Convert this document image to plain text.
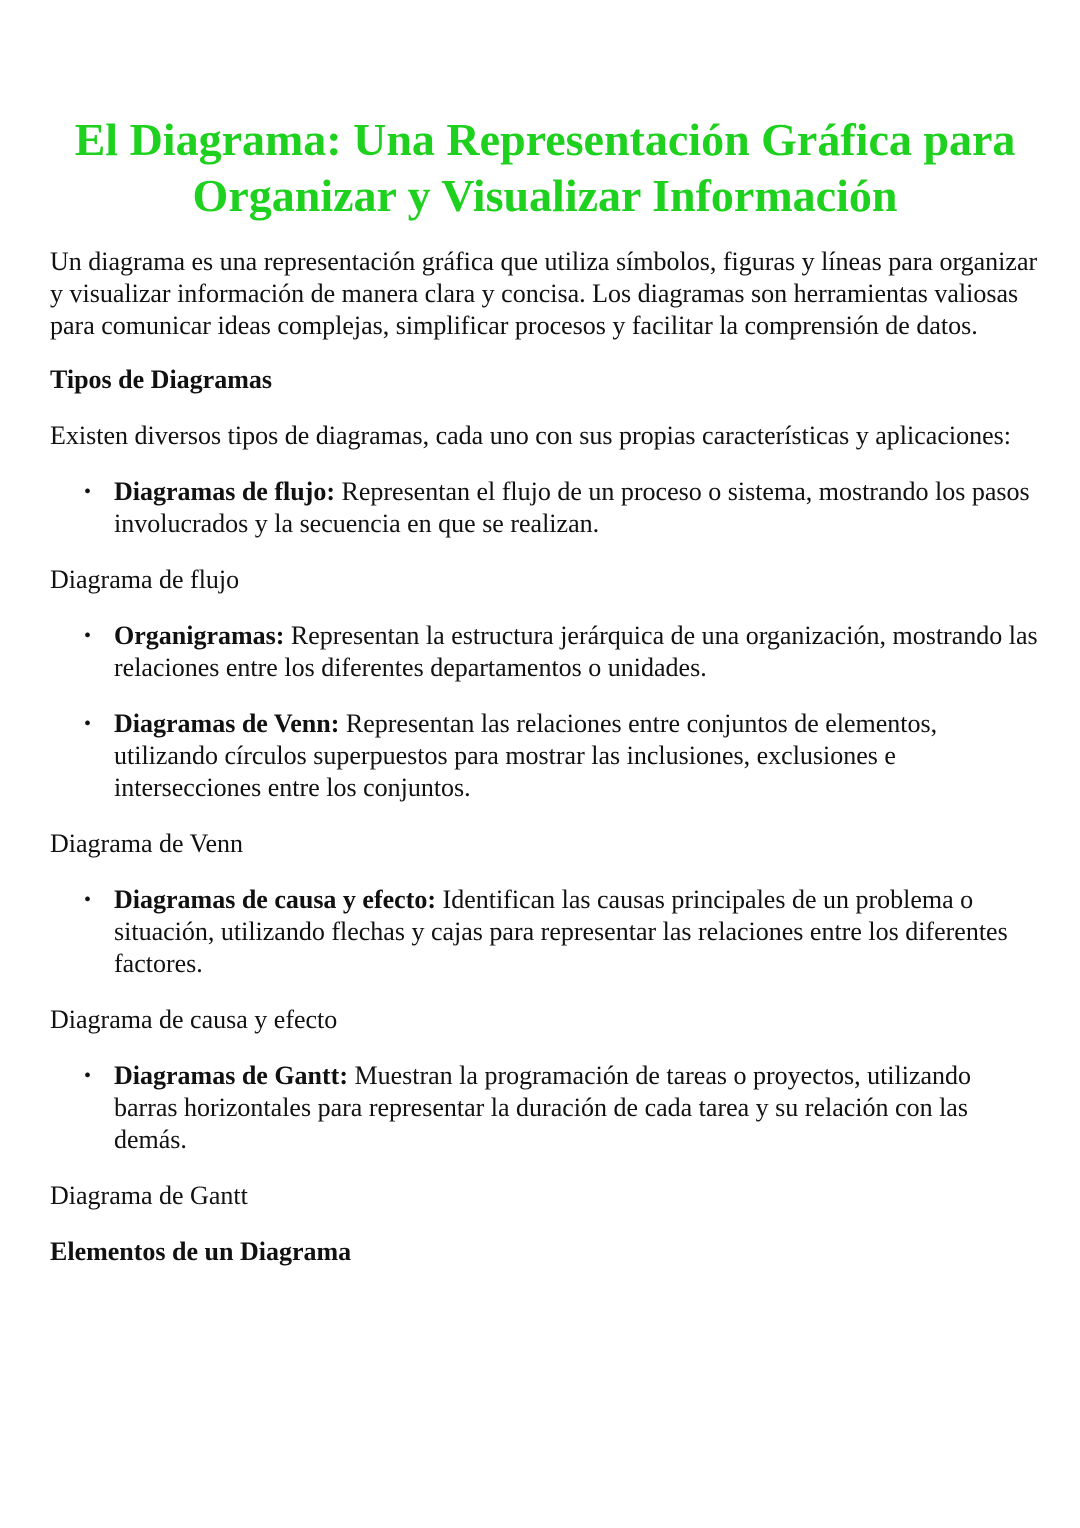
El Diagrama: Una Representación Gráfica para Organizar y Visualizar Información

Un diagrama es una representación gráfica que utiliza símbolos, figuras y líneas para organizar y visualizar información de manera clara y concisa. Los diagramas son herramientas valiosas para comunicar ideas complejas, simplificar procesos y facilitar la comprensión de datos.

Tipos de Diagramas

Existen diversos tipos de diagramas, cada uno con sus propias características y aplicaciones:

• Diagramas de flujo: Representan el flujo de un proceso o sistema, mostrando los pasos involucrados y la secuencia en que se realizan.

Diagrama de flujo

• Organigramas: Representan la estructura jerárquica de una organización, mostrando las relaciones entre los diferentes departamentos o unidades.
• Diagramas de Venn: Representan las relaciones entre conjuntos de elementos, utilizando círculos superpuestos para mostrar las inclusiones, exclusiones e intersecciones entre los conjuntos.

Diagrama de Venn

• Diagramas de causa y efecto: Identifican las causas principales de un problema o situación, utilizando flechas y cajas para representar las relaciones entre los diferentes factores.

Diagrama de causa y efecto

• Diagramas de Gantt: Muestran la programación de tareas o proyectos, utilizando barras horizontales para representar la duración de cada tarea y su relación con las demás.

Diagrama de Gantt

Elementos de un Diagrama
